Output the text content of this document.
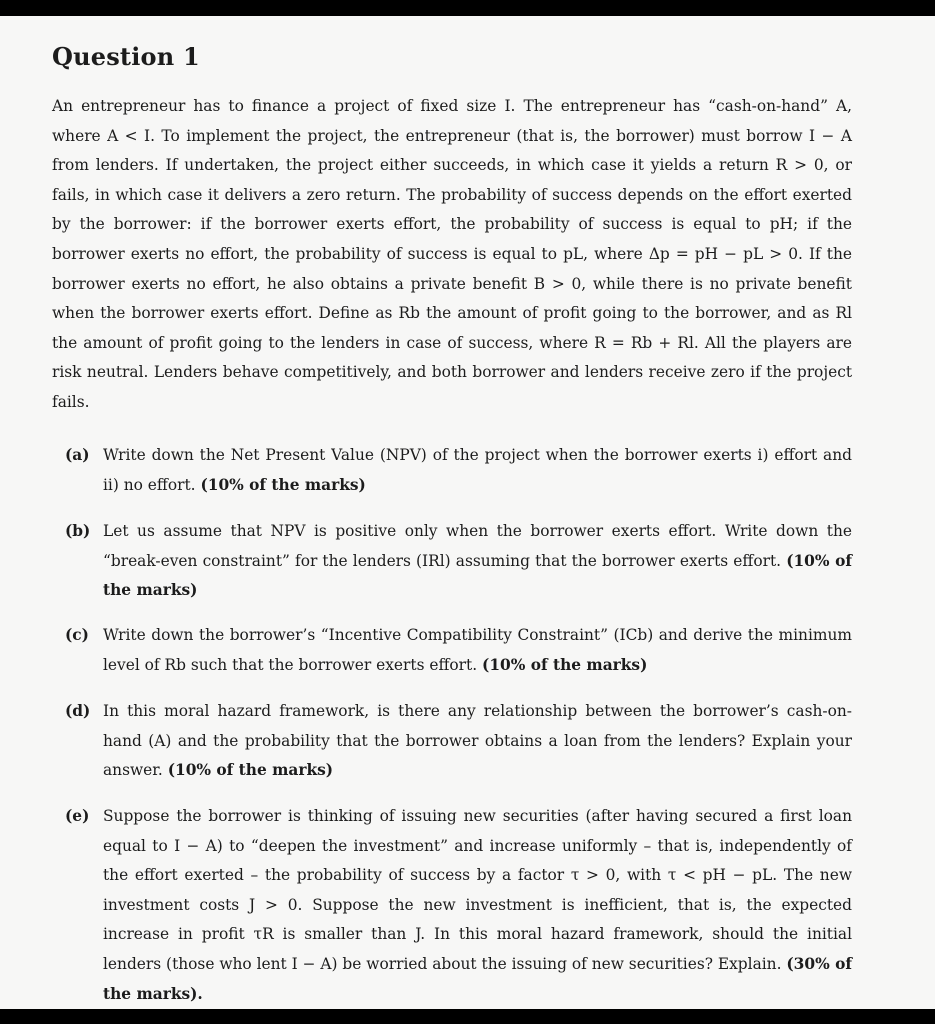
Question 1

An entrepreneur has to finance a project of fixed size I. The entrepreneur has “cash-on-hand” A, where A < I. To implement the project, the entrepreneur (that is, the borrower) must borrow I − A from lenders. If undertaken, the project either succeeds, in which case it yields a return R > 0, or fails, in which case it delivers a zero return. The probability of success depends on the effort exerted by the borrower: if the borrower exerts effort, the probability of success is equal to pH; if the borrower exerts no effort, the probability of success is equal to pL, where Δp = pH − pL > 0. If the borrower exerts no effort, he also obtains a private benefit B > 0, while there is no private benefit when the borrower exerts effort. Define as Rb the amount of profit going to the borrower, and as Rl the amount of profit going to the lenders in case of success, where R = Rb + Rl. All the players are risk neutral. Lenders behave competitively, and both borrower and lenders receive zero if the project fails.

(a) Write down the Net Present Value (NPV) of the project when the borrower exerts i) effort and ii) no effort. (10% of the marks)

(b) Let us assume that NPV is positive only when the borrower exerts effort. Write down the “break-even constraint” for the lenders (IRl) assuming that the borrower exerts effort. (10% of the marks)

(c) Write down the borrower’s “Incentive Compatibility Constraint” (ICb) and derive the minimum level of Rb such that the borrower exerts effort. (10% of the marks)

(d) In this moral hazard framework, is there any relationship between the borrower’s cash-on-hand (A) and the probability that the borrower obtains a loan from the lenders? Explain your answer. (10% of the marks)

(e) Suppose the borrower is thinking of issuing new securities (after having secured a first loan equal to I − A) to “deepen the investment” and increase uniformly – that is, independently of the effort exerted – the probability of success by a factor τ > 0, with τ < pH − pL. The new investment costs J > 0. Suppose the new investment is inefficient, that is, the expected increase in profit τR is smaller than J. In this moral hazard framework, should the initial lenders (those who lent I − A) be worried about the issuing of new securities? Explain. (30% of the marks).
